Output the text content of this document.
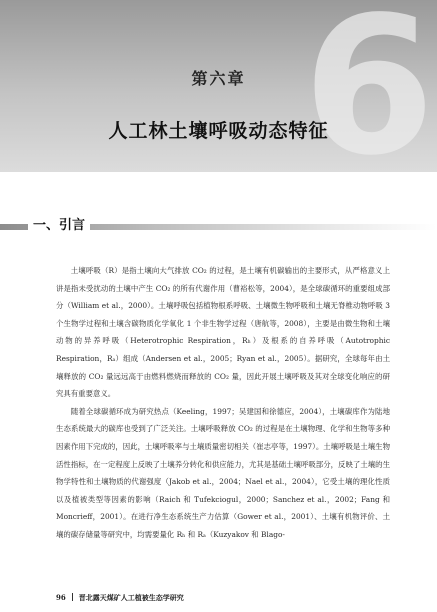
6
第六章
人工林土壤呼吸动态特征
一、引言

土壤呼吸（R）是指土壤向大气排放 CO₂ 的过程，是土壤有机碳输出的主要形式，从严格意义上讲是指未受扰动的土壤中产生 CO₂ 的所有代谢作用（曹裕松等，2004），是全球碳循环的重要组成部分（William et al.，2000）。土壤呼吸包括植物根系呼吸、土壤微生物呼吸和土壤无脊椎动物呼吸 3 个生物学过程和土壤含碳物质化学氧化 1 个非生物学过程（唐航等，2008），主要是由微生物和土壤动物的异养呼吸（Heterotrophic Respiration，Rₕ）及根系的自养呼吸（Autotrophic Respiration，Rₐ）组成（Andersen et al.，2005；Ryan et al.，2005）。据研究，全球每年由土壤释放的 CO₂ 量远远高于由燃料燃烧而释放的 CO₂ 量，因此开展土壤呼吸及其对全球变化响应的研究具有重要意义。

随着全球碳循环成为研究热点（Keeling，1997；吴建国和徐德应，2004），土壤碳库作为陆地生态系统最大的碳库也受到了广泛关注。土壤呼吸释放 CO₂ 的过程是在土壤物理、化学和生物等多种因素作用下完成的，因此，土壤呼吸率与土壤质量密切相关（崔志亭等，1997）。土壤呼吸是土壤生物活性指标，在一定程度上反映了土壤养分转化和供应能力，尤其是基础土壤呼吸部分，反映了土壤的生物学特性和土壤物质的代谢强度（Jakob et al.，2004；Nael et al.，2004），它受土壤的理化性质以及植被类型等因素的影响（Raich 和 Tufekciogul，2000；Sanchez et al.，2002；Fang 和 Moncrieff，2001）。在进行净生态系统生产力估算（Gower et al.，2001）、土壤有机物评价、土壤的碳存储量等研究中，均需要量化 Rₕ 和 Rₐ（Kuzyakov 和 Blago-

96 晋北露天煤矿人工植被生态学研究
